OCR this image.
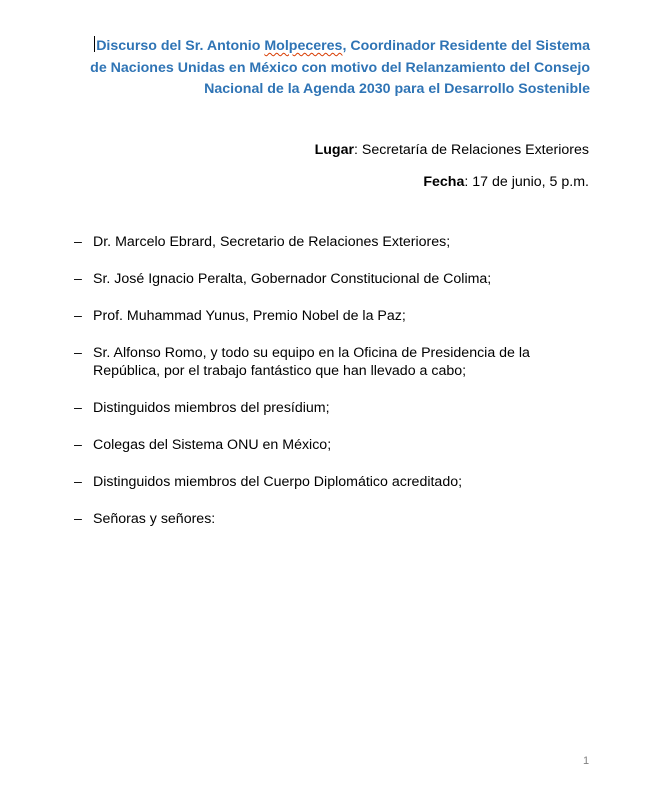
Discurso del Sr. Antonio Molpeceres, Coordinador Residente del Sistema
de Naciones Unidas en México con motivo del Relanzamiento del Consejo
Nacional de la Agenda 2030 para el Desarrollo Sostenible
Lugar: Secretaría de Relaciones Exteriores
Fecha: 17 de junio, 5 p.m.
– Dr. Marcelo Ebrard, Secretario de Relaciones Exteriores;
– Sr. José Ignacio Peralta, Gobernador Constitucional de Colima;
– Prof. Muhammad Yunus, Premio Nobel de la Paz;
– Sr. Alfonso Romo, y todo su equipo en la Oficina de Presidencia de la República, por el trabajo fantástico que han llevado a cabo;
– Distinguidos miembros del presídium;
– Colegas del Sistema ONU en México;
– Distinguidos miembros del Cuerpo Diplomático acreditado;
– Señoras y señores:
1
